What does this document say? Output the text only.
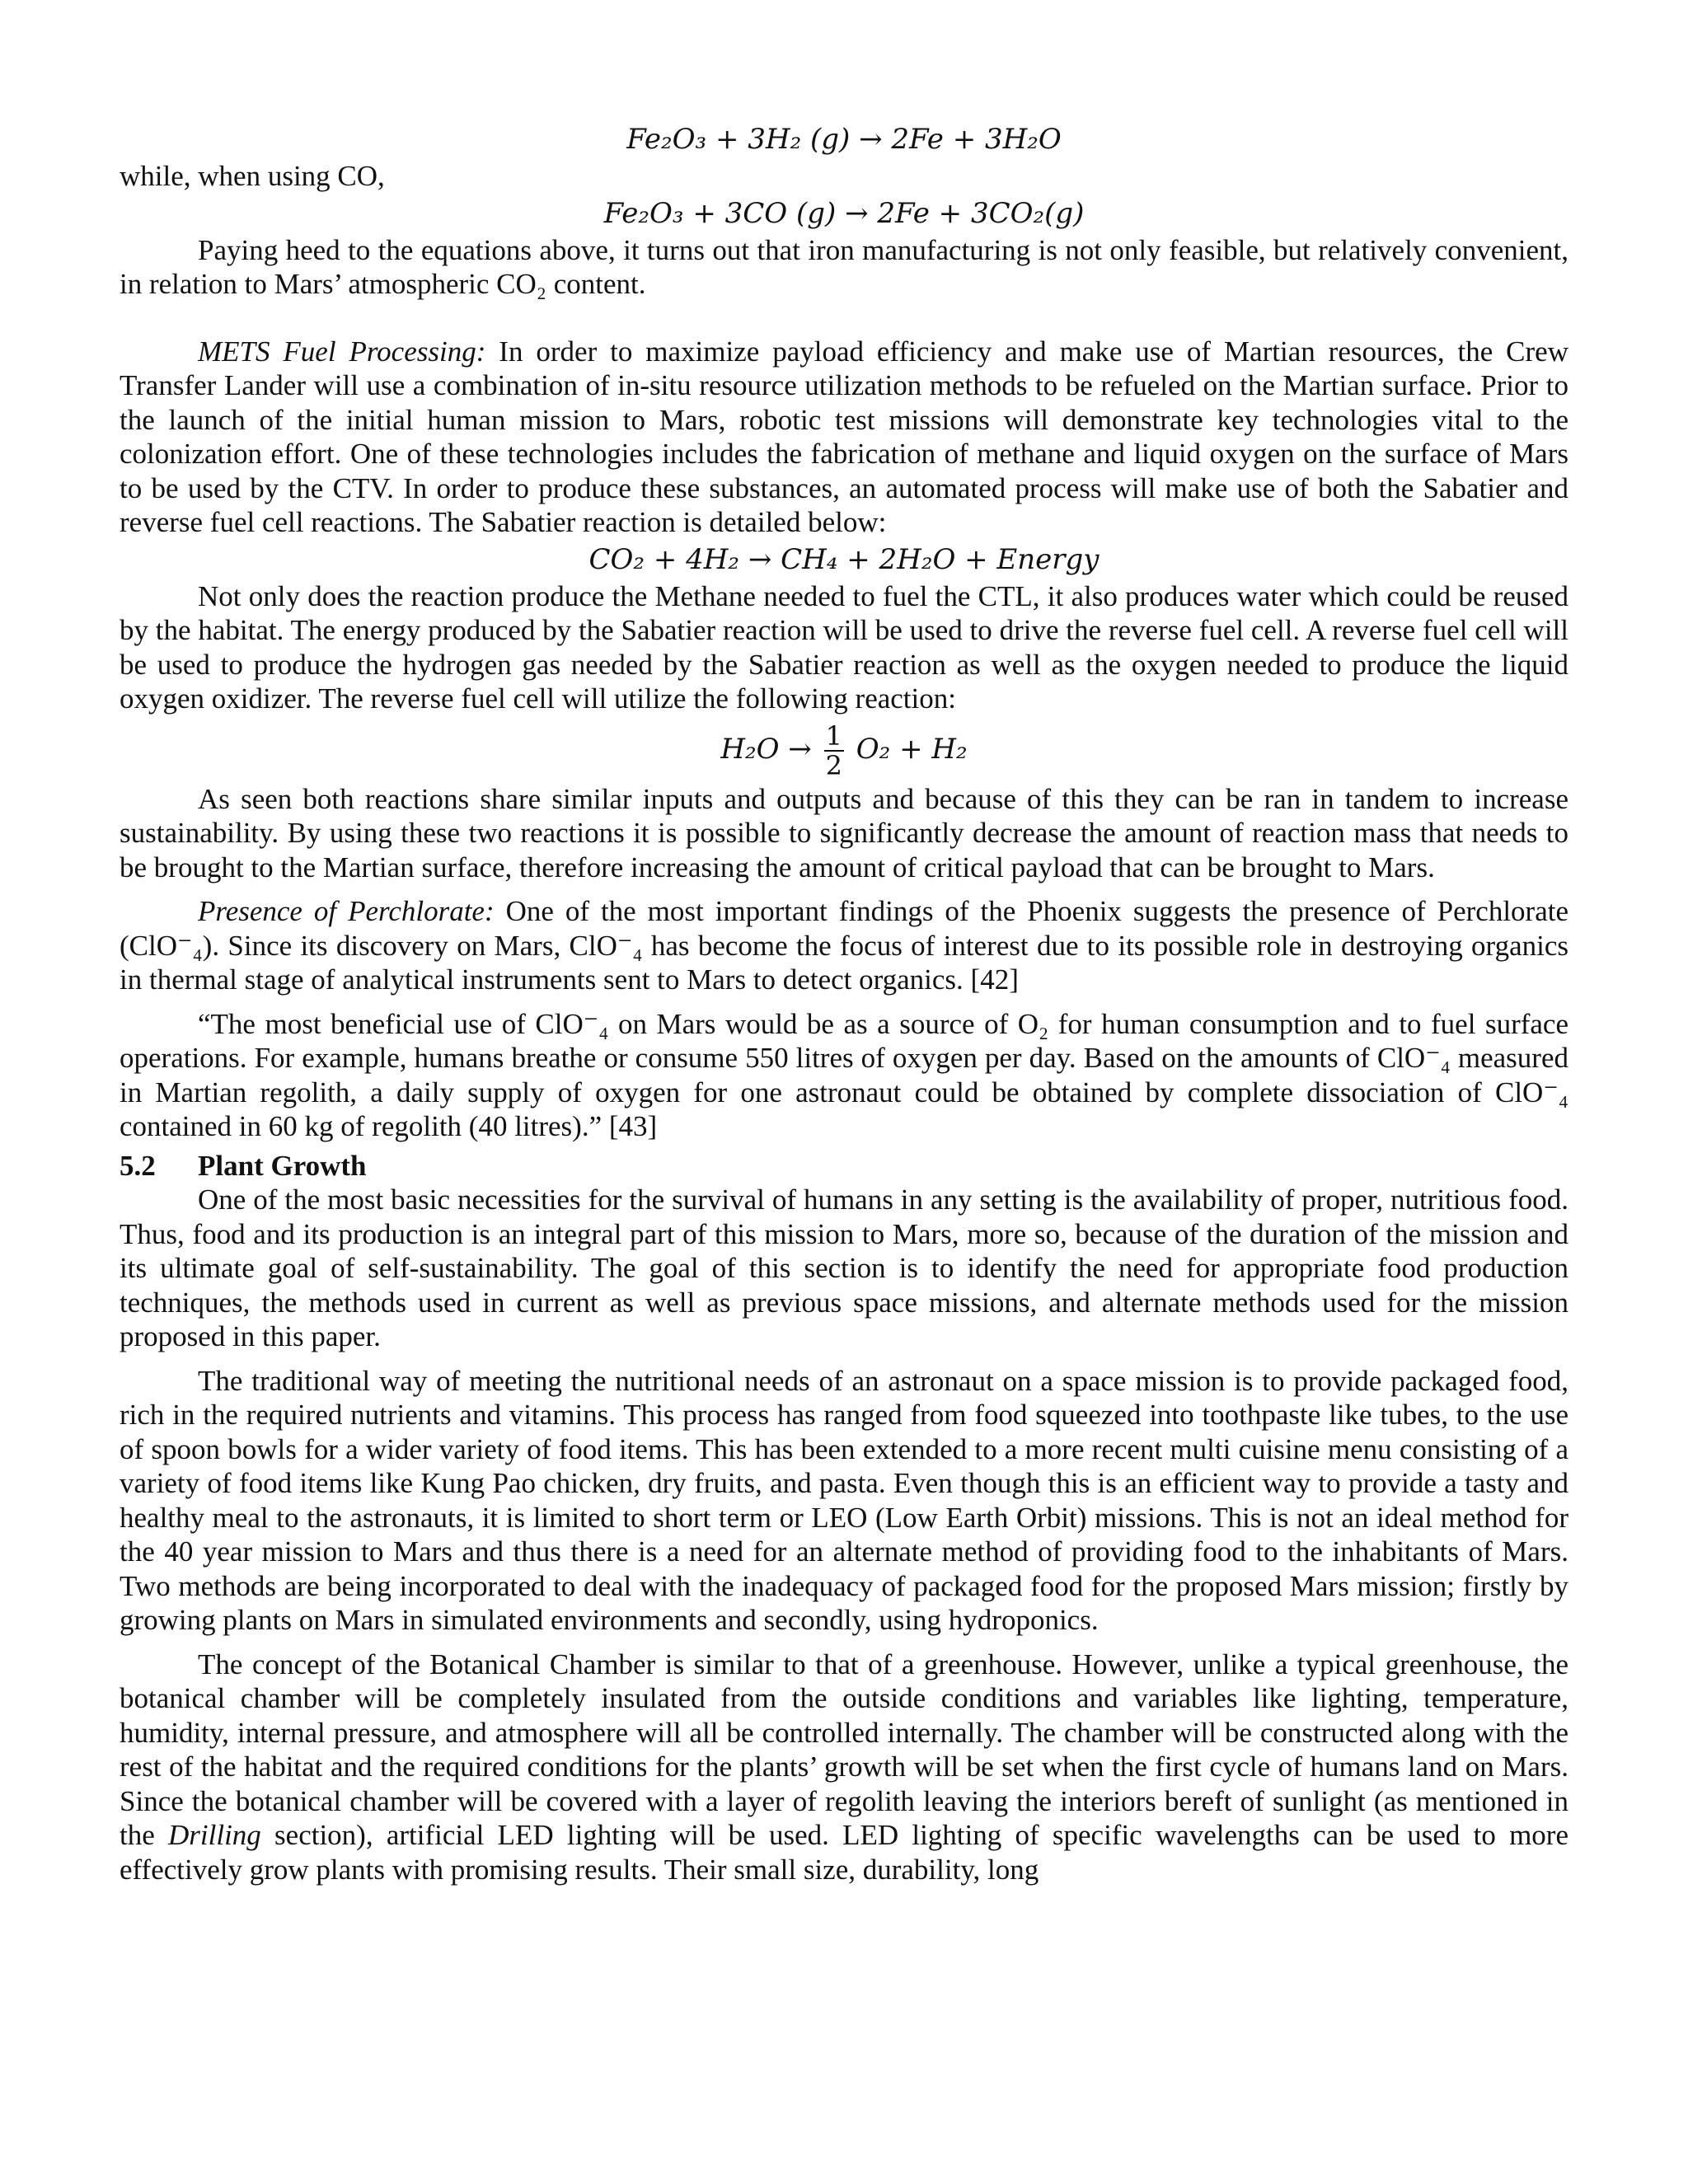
Fe₂O₃ + 3H₂ (g) → 2Fe + 3H₂O

while, when using CO,

Fe₂O₃ + 3CO (g) → 2Fe + 3CO₂(g)

Paying heed to the equations above, it turns out that iron manufacturing is not only feasible, but relatively convenient, in relation to Mars’ atmospheric CO₂ content.

METS Fuel Processing: In order to maximize payload efficiency and make use of Martian resources, the Crew Transfer Lander will use a combination of in-situ resource utilization methods to be refueled on the Martian surface. Prior to the launch of the initial human mission to Mars, robotic test missions will demonstrate key technologies vital to the colonization effort. One of these technologies includes the fabrication of methane and liquid oxygen on the surface of Mars to be used by the CTV. In order to produce these substances, an automated process will make use of both the Sabatier and reverse fuel cell reactions. The Sabatier reaction is detailed below:

CO₂ + 4H₂ → CH₄ + 2H₂O + Energy

Not only does the reaction produce the Methane needed to fuel the CTL, it also produces water which could be reused by the habitat. The energy produced by the Sabatier reaction will be used to drive the reverse fuel cell. A reverse fuel cell will be used to produce the hydrogen gas needed by the Sabatier reaction as well as the oxygen needed to produce the liquid oxygen oxidizer. The reverse fuel cell will utilize the following reaction:

$H_2O \to \frac{1}{2} O_2 + H_2$

As seen both reactions share similar inputs and outputs and because of this they can be ran in tandem to increase sustainability. By using these two reactions it is possible to significantly decrease the amount of reaction mass that needs to be brought to the Martian surface, therefore increasing the amount of critical payload that can be brought to Mars.

Presence of Perchlorate: One of the most important findings of the Phoenix suggests the presence of Perchlorate (ClO⁻₄). Since its discovery on Mars, ClO⁻₄ has become the focus of interest due to its possible role in destroying organics in thermal stage of analytical instruments sent to Mars to detect organics. [42]

“The most beneficial use of ClO⁻₄ on Mars would be as a source of O₂ for human consumption and to fuel surface operations. For example, humans breathe or consume 550 litres of oxygen per day. Based on the amounts of ClO⁻₄ measured in Martian regolith, a daily supply of oxygen for one astronaut could be obtained by complete dissociation of ClO⁻₄ contained in 60 kg of regolith (40 litres).” [43]

5.2 Plant Growth

One of the most basic necessities for the survival of humans in any setting is the availability of proper, nutritious food. Thus, food and its production is an integral part of this mission to Mars, more so, because of the duration of the mission and its ultimate goal of self-sustainability. The goal of this section is to identify the need for appropriate food production techniques, the methods used in current as well as previous space missions, and alternate methods used for the mission proposed in this paper.

The traditional way of meeting the nutritional needs of an astronaut on a space mission is to provide packaged food, rich in the required nutrients and vitamins. This process has ranged from food squeezed into toothpaste like tubes, to the use of spoon bowls for a wider variety of food items. This has been extended to a more recent multi cuisine menu consisting of a variety of food items like Kung Pao chicken, dry fruits, and pasta. Even though this is an efficient way to provide a tasty and healthy meal to the astronauts, it is limited to short term or LEO (Low Earth Orbit) missions. This is not an ideal method for the 40 year mission to Mars and thus there is a need for an alternate method of providing food to the inhabitants of Mars. Two methods are being incorporated to deal with the inadequacy of packaged food for the proposed Mars mission; firstly by growing plants on Mars in simulated environments and secondly, using hydroponics.

The concept of the Botanical Chamber is similar to that of a greenhouse. However, unlike a typical greenhouse, the botanical chamber will be completely insulated from the outside conditions and variables like lighting, temperature, humidity, internal pressure, and atmosphere will all be controlled internally. The chamber will be constructed along with the rest of the habitat and the required conditions for the plants’ growth will be set when the first cycle of humans land on Mars. Since the botanical chamber will be covered with a layer of regolith leaving the interiors bereft of sunlight (as mentioned in the Drilling section), artificial LED lighting will be used. LED lighting of specific wavelengths can be used to more effectively grow plants with promising results. Their small size, durability, long
